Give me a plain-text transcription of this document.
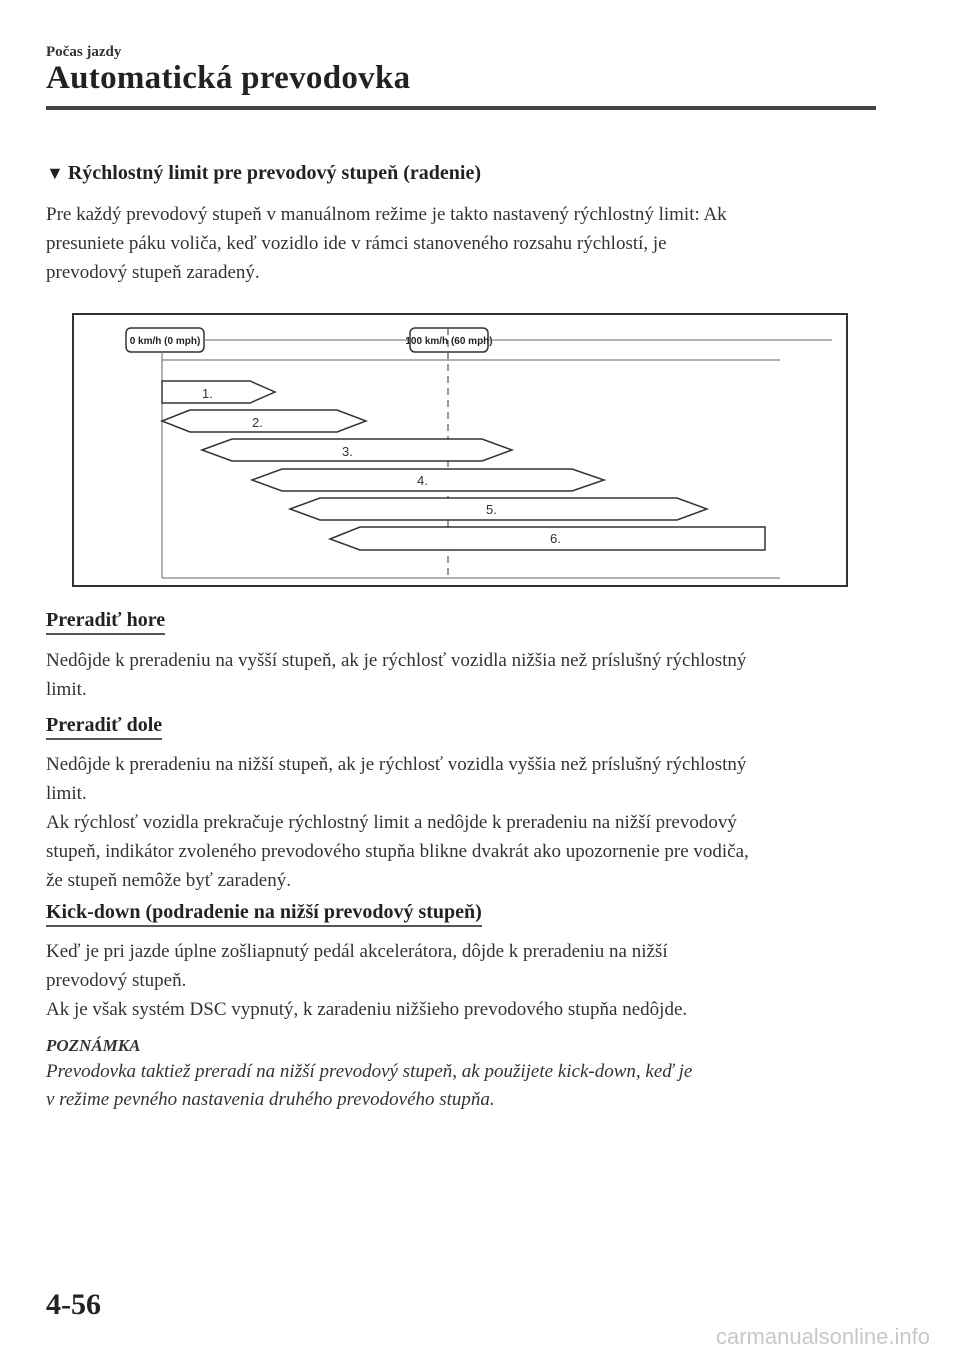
Počas jazdy
Automatická prevodovka
▼ Rýchlostný limit pre prevodový stupeň (radenie)

Pre každý prevodový stupeň v manuálnom režime je takto nastavený rýchlostný limit: Ak
presuniete páku voliča, keď vozidlo ide v rámci stanoveného rozsahu rýchlostí, je
prevodový stupeň zaradený.

0 km/h (0 mph)	100 km/h (60 mph)
1.
2.
3.
4.
5.
6.
Preradiť hore

Nedôjde k preradeniu na vyšší stupeň, ak je rýchlosť vozidla nižšia než príslušný rýchlostný
limit.

Preradiť dole

Nedôjde k preradeniu na nižší stupeň, ak je rýchlosť vozidla vyššia než príslušný rýchlostný
limit.
Ak rýchlosť vozidla prekračuje rýchlostný limit a nedôjde k preradeniu na nižší prevodový
stupeň, indikátor zvoleného prevodového stupňa blikne dvakrát ako upozornenie pre vodiča,
že stupeň nemôže byť zaradený.

Kick-down (podradenie na nižší prevodový stupeň)

Keď je pri jazde úplne zošliapnutý pedál akcelerátora, dôjde k preradeniu na nižší
prevodový stupeň.
Ak je však systém DSC vypnutý, k zaradeniu nižšieho prevodového stupňa nedôjde.

POZNÁMKA

Prevodovka taktiež preradí na nižší prevodový stupeň, ak použijete kick-down, keď je
v režime pevného nastavenia druhého prevodového stupňa.

4-56
carmanualsonline.info
